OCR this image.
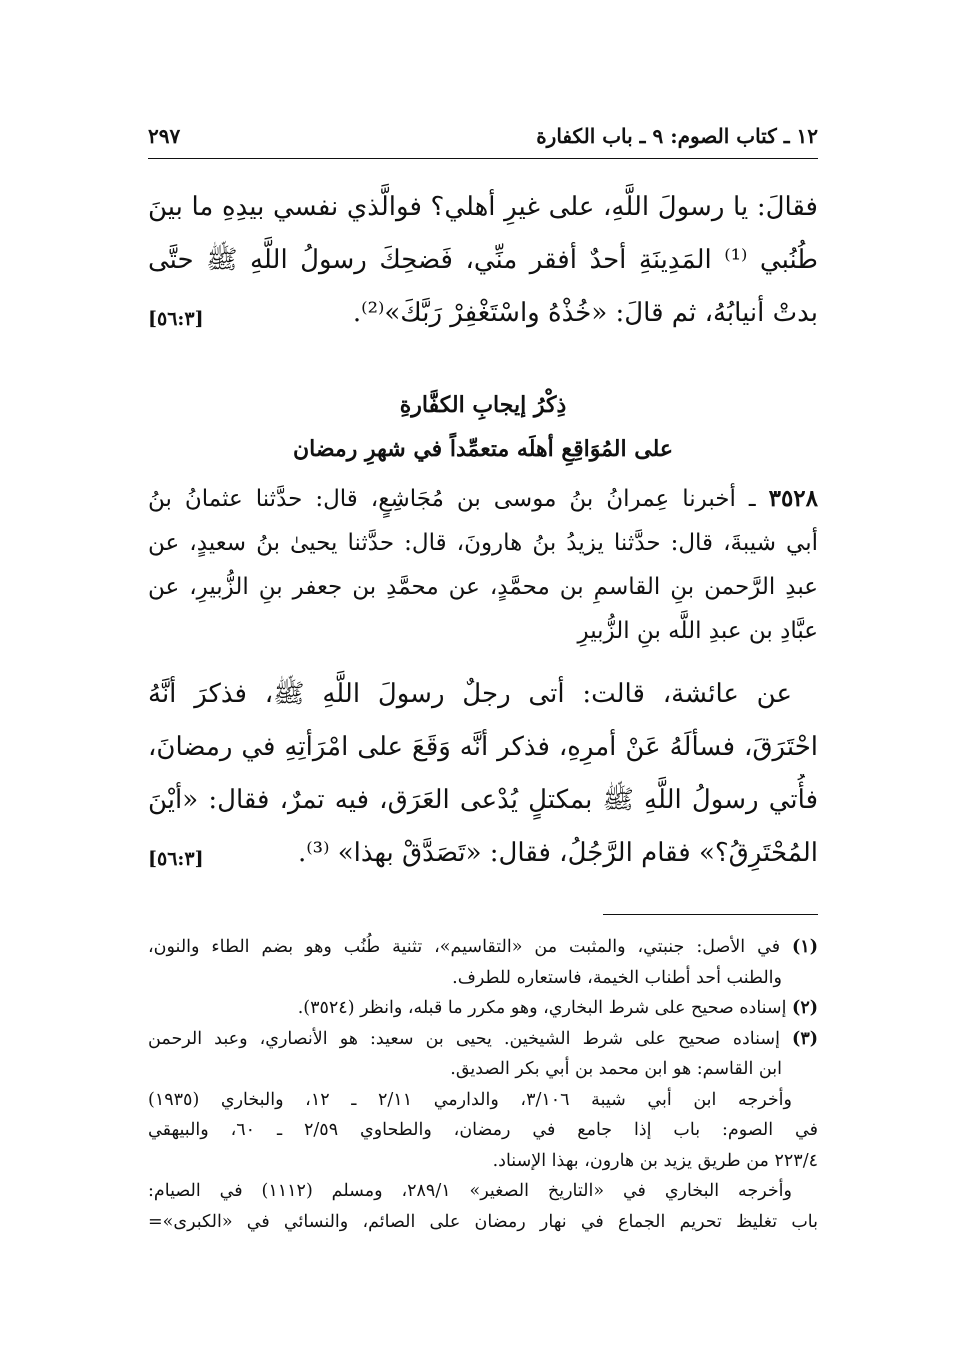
١٢ ـ كتاب الصوم: ٩ ـ باب الكفارة
٢٩٧
فقالَ: يا رسولَ اللَّهِ، على غيرِ أهلي؟ فوالَّذي نفسي بيدِهِ ما بينَ
طُنُبي ⁽¹⁾ المَدِينَةِ أحدٌ أفقر منِّي، فَضحِكَ رسولُ اللَّهِ ﷺ حتَّى
بدتْ أنيابُهُ، ثم قالَ: «خُذْهُ واسْتَغْفِرْ رَبَّكَ»⁽²⁾.
[٥٦:٣]
ذِكْرُ إيجابِ الكفَّارةِ
على المُوَاقِعِ أهلَه متعمِّداً في شهرِ رمضان
٣٥٢٨ ـ أخبرنا عِمرانُ بنُ موسى بن مُجَاشِعٍ، قال: حدَّثنا عثمانُ بنُ
أبي شيبةَ، قال: حدَّثنا يزيدُ بنُ هارونَ، قال: حدَّثنا يحيىٰ بنُ سعيدٍ، عن
عبدِ الرَّحمن بنِ القاسمِ بن محمَّدٍ، عن محمَّدِ بن جعفر بنِ الزُّبيرِ، عن
عبَّادِ بن عبدِ اللَّه بنِ الزُّبيرِ
عن عائشة، قالت: أتى رجلٌ رسولَ اللَّهِ ﷺ، فذكرَ أنَّهُ
احْتَرَقَ، فسألَهُ عَنْ أمرِهِ، فذكر أنَّه وَقَعَ على امْرَأتِهِ في رمضانَ،
فأُتي رسولُ اللَّهِ ﷺ بمكتلٍ يُدْعى العَرَق، فيه تمرٌ، فقال: «أيْنَ
المُحْتَرِقُ؟» فقام الرَّجُلُ، فقال: «تَصَدَّقْ بهذا» ⁽³⁾.
[٥٦:٣]
(١) في الأصل: جنبتي، والمثبت من «التقاسيم»، تثنية طُنُب وهو بضم الطاء والنون،
والطنب أحد أطناب الخيمة، فاستعاره للطرف.
(٢) إسناده صحيح على شرط البخاري، وهو مكرر ما قبله، وانظر (٣٥٢٤).
(٣) إسناده صحيح على شرط الشيخين. يحيى بن سعيد: هو الأنصاري، وعبد الرحمن
ابن القاسم: هو ابن محمد بن أبي بكر الصديق.
وأخرجه ابن أبي شيبة ٣/١٠٦، والدارمي ٢/١١ ـ ١٢، والبخاري (١٩٣٥)
في الصوم: باب إذا جامع في رمضان، والطحاوي ٢/٥٩ ـ ٦٠، والبيهقي
٢٢٣/٤ من طريق يزيد بن هارون، بهذا الإسناد.
وأخرجه البخاري في «التاريخ الصغير» ٢٨٩/١، ومسلم (١١١٢) في الصيام:
باب تغليظ تحريم الجماع في نهار رمضان على الصائم، والنسائي في «الكبرى»=
